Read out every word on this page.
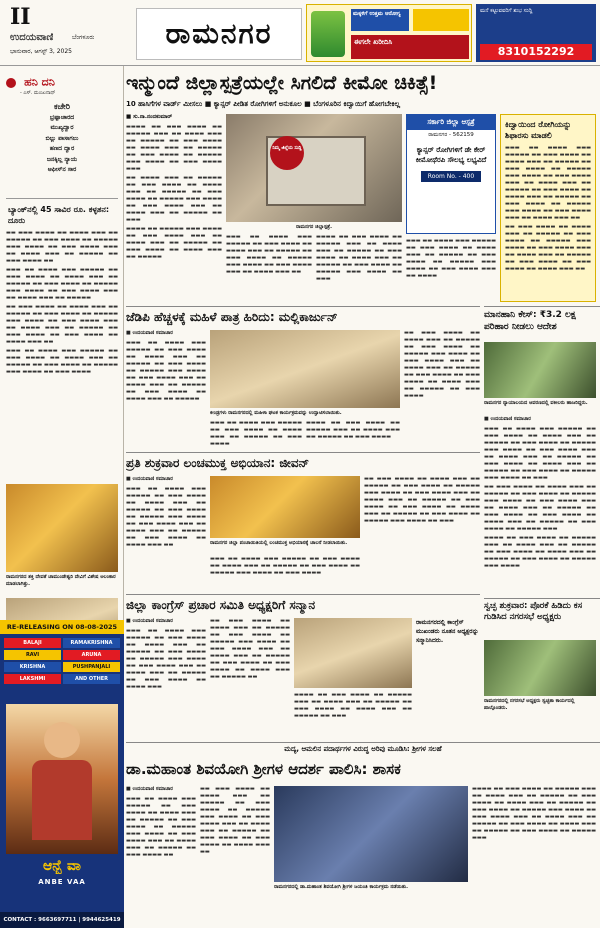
II
ಉದಯವಾಣಿ	ಬೆಂಗಳೂರು
ಭಾನುವಾರ, ಆಗಸ್ಟ್ 3, 2025
ರಾಮನಗರ
ಮಕ್ಕಳಿಗೆ ಉತ್ತಮ ಆರೋಗ್ಯ
ಈಗಲೇ ಖರೀದಿಸಿ
ಮನೆ ಕಟ್ಟುವವರಿಗೆ ಶುಭ ಸುದ್ದಿ
8310152292
ಹನಿ ದನಿ
- ಎಸ್. ಮಂಜುನಾಥ್
ಕಚೇರಿ
ಭ್ರಷ್ಟಾಚಾರದ
ಮುಖ್ಯದ್ವಾರ
ಬಿಲ್ಲು ಪಾಸಾಗಲು
ಹಣದ ದ್ವಾರ
ಜನಕ್ಕಿಲ್ಲ ನ್ಯಾಯ
ಆಫೀಸ್‌ನ ಸಾರ
ಬ್ಯಾಂಕ್‌ನಲ್ಲಿ 45 ಸಾವಿರ ರೂ. ಕಳ್ಳತನ: ದೂರು

▬▬ ▬▬▬ ▬▬▬▬ ▬▬ ▬▬▬▬ ▬▬▬ ▬▬ ▬▬▬▬▬ ▬▬ ▬▬▬ ▬▬▬▬ ▬▬ ▬▬▬▬▬ ▬▬▬ ▬▬▬▬ ▬▬ ▬▬▬ ▬▬▬▬ ▬▬▬ ▬▬ ▬▬▬▬ ▬▬▬ ▬▬ ▬▬▬▬▬ ▬▬ ▬▬▬ ▬▬▬▬ ▬▬

▬▬▬ ▬▬ ▬▬▬▬ ▬▬▬ ▬▬▬▬▬ ▬▬ ▬▬▬ ▬▬▬▬ ▬▬ ▬▬▬▬ ▬▬▬ ▬▬ ▬▬▬▬▬ ▬▬ ▬▬▬ ▬▬▬▬ ▬▬ ▬▬▬▬▬ ▬▬▬ ▬▬▬▬ ▬▬ ▬▬▬ ▬▬▬▬ ▬▬▬ ▬▬ ▬▬▬▬ ▬▬▬ ▬▬ ▬▬▬▬▬

▬▬ ▬▬▬ ▬▬▬▬ ▬▬ ▬▬▬▬ ▬▬▬ ▬▬ ▬▬▬▬▬ ▬▬ ▬▬▬ ▬▬▬▬ ▬▬ ▬▬▬▬▬ ▬▬▬ ▬▬▬▬ ▬▬ ▬▬▬ ▬▬▬▬ ▬▬▬ ▬▬ ▬▬▬▬ ▬▬▬ ▬▬ ▬▬▬▬▬ ▬▬ ▬▬▬ ▬▬▬▬ ▬▬ ▬▬▬ ▬▬▬▬ ▬▬ ▬▬▬▬ ▬▬▬ ▬▬

▬▬▬ ▬▬ ▬▬▬▬ ▬▬▬ ▬▬▬▬▬ ▬▬ ▬▬▬ ▬▬▬▬ ▬▬ ▬▬▬▬ ▬▬▬ ▬▬ ▬▬▬▬▬ ▬▬ ▬▬▬ ▬▬▬▬ ▬▬ ▬▬▬▬▬ ▬▬▬ ▬▬▬▬ ▬▬ ▬▬▬ ▬▬▬▬

ರಾಮನಗರದ ಶಕ್ತಿ ದೇವತೆ ಚಾಮುಂಡೇಶ್ವರಿ ದೇವಿಗೆ ವಿಶೇಷ ಅಲಂಕಾರ ಮಾಡಲಾಗಿತ್ತು.
ಇನ್ಮುಂದೆ ಜಿಲ್ಲಾಸ್ಪತ್ರೆಯಲ್ಲೇ ಸಿಗಲಿದೆ ಕೀಮೋ ಚಿಕಿತ್ಸೆ!
10 ಹಾಸಿಗೆಗಳ ವಾರ್ಡ್ ಮೀಸಲು ■ ಕ್ಯಾನ್ಸರ್ ಪೀಡಿತ ರೋಗಿಗಳಿಗೆ ಅನುಕೂಲ ■ ಬೆಂಗಳೂರಿನ ಕಿದ್ವಾಯಿಗೆ ಹೋಗಬೇಕಿಲ್ಲ
■ ಸು.ನಾ.ನಂದಕುಮಾರ್

▬▬▬▬ ▬▬ ▬▬▬ ▬▬▬▬ ▬▬ ▬▬▬▬▬ ▬▬▬ ▬▬ ▬▬▬▬ ▬▬▬ ▬▬ ▬▬▬▬▬ ▬▬ ▬▬▬ ▬▬▬▬ ▬▬ ▬▬▬▬ ▬▬▬ ▬▬ ▬▬▬▬▬ ▬▬ ▬▬▬ ▬▬▬▬ ▬▬ ▬▬▬▬▬ ▬▬▬ ▬▬▬▬ ▬▬ ▬▬▬ ▬▬▬▬ ▬▬▬

▬▬ ▬▬▬▬ ▬▬▬ ▬▬ ▬▬▬▬▬ ▬▬ ▬▬▬ ▬▬▬▬ ▬▬ ▬▬▬▬ ▬▬▬ ▬▬ ▬▬▬▬▬ ▬▬ ▬▬▬ ▬▬▬▬ ▬▬ ▬▬▬▬▬ ▬▬▬ ▬▬▬▬ ▬▬ ▬▬▬ ▬▬▬▬ ▬▬▬ ▬▬ ▬▬▬▬ ▬▬▬ ▬▬ ▬▬▬▬▬ ▬▬ ▬▬▬

▬▬▬▬ ▬▬ ▬▬▬▬▬ ▬▬▬ ▬▬▬▬ ▬▬ ▬▬▬ ▬▬▬▬ ▬▬▬ ▬▬ ▬▬▬▬ ▬▬▬ ▬▬ ▬▬▬▬▬ ▬▬ ▬▬▬ ▬▬▬▬ ▬▬ ▬▬▬▬ ▬▬▬ ▬▬ ▬▬▬▬▬

ನಿಮ್ಮ ಜಿಲ್ಲೆಯ ಸುದ್ದಿ
ರಾಮನಗರ ಜಿಲ್ಲಾಸ್ಪತ್ರೆ.

▬▬▬ ▬▬ ▬▬▬▬ ▬▬▬ ▬▬▬▬▬ ▬▬ ▬▬▬ ▬▬▬▬ ▬▬ ▬▬▬▬ ▬▬▬ ▬▬ ▬▬▬▬▬ ▬▬ ▬▬▬ ▬▬▬▬ ▬▬ ▬▬▬▬▬ ▬▬▬ ▬▬▬▬ ▬▬ ▬▬▬ ▬▬▬▬ ▬▬▬ ▬▬ ▬▬▬▬ ▬▬▬ ▬▬

▬▬▬▬ ▬▬ ▬▬▬ ▬▬▬▬ ▬▬ ▬▬▬▬▬ ▬▬▬ ▬▬ ▬▬▬▬ ▬▬▬ ▬▬ ▬▬▬▬▬ ▬▬ ▬▬▬ ▬▬▬▬ ▬▬ ▬▬▬▬ ▬▬▬ ▬▬ ▬▬▬▬▬ ▬▬ ▬▬▬ ▬▬▬▬ ▬▬ ▬▬▬▬▬ ▬▬▬ ▬▬▬▬ ▬▬ ▬▬▬

ಸರ್ಕಾರಿ ಜಿಲ್ಲಾ ಆಸ್ಪತ್ರೆ
ರಾಮನಗರ - 562159
ಕ್ಯಾನ್ಸರ್ ರೋಗಿಗಳಿಗೆ ಡೇ ಕೇರ್ ಕೀಮೋಥೆರಪಿ ಸೌಲಭ್ಯ ಲಭ್ಯವಿದೆ
Room No. - 400

▬▬▬ ▬▬ ▬▬▬▬ ▬▬▬ ▬▬▬▬▬ ▬▬ ▬▬▬ ▬▬▬▬ ▬▬ ▬▬▬▬ ▬▬▬ ▬▬ ▬▬▬▬▬ ▬▬ ▬▬▬ ▬▬▬▬ ▬▬ ▬▬▬▬▬ ▬▬▬ ▬▬▬▬ ▬▬ ▬▬▬ ▬▬▬▬ ▬▬▬ ▬▬ ▬▬▬▬

ಕಿದ್ವಾಯಿಂದ ರೋಗಿಯನ್ನು ಶಿಫಾರಸು ಮಾಡಲಿ

▬▬▬ ▬▬ ▬▬▬▬ ▬▬▬ ▬▬▬▬▬ ▬▬ ▬▬▬ ▬▬▬▬ ▬▬ ▬▬▬▬ ▬▬▬ ▬▬ ▬▬▬▬▬ ▬▬ ▬▬▬ ▬▬▬▬ ▬▬ ▬▬▬▬▬ ▬▬▬ ▬▬▬▬ ▬▬ ▬▬▬ ▬▬▬▬ ▬▬▬ ▬▬ ▬▬▬▬ ▬▬▬ ▬▬ ▬▬▬▬▬ ▬▬ ▬▬▬ ▬▬▬▬ ▬▬ ▬▬▬▬ ▬▬▬ ▬▬ ▬▬▬▬▬ ▬▬ ▬▬▬ ▬▬▬▬ ▬▬ ▬▬▬▬▬ ▬▬▬ ▬▬▬▬ ▬▬ ▬▬▬ ▬▬▬▬ ▬▬▬ ▬▬ ▬▬▬▬ ▬▬▬ ▬▬

▬▬ ▬▬▬ ▬▬▬▬ ▬▬ ▬▬▬▬ ▬▬▬ ▬▬ ▬▬▬▬▬ ▬▬ ▬▬▬ ▬▬▬▬ ▬▬ ▬▬▬▬▬ ▬▬▬ ▬▬▬▬ ▬▬ ▬▬▬ ▬▬▬▬ ▬▬▬ ▬▬ ▬▬▬▬ ▬▬▬ ▬▬ ▬▬▬▬▬ ▬▬ ▬▬▬ ▬▬▬▬ ▬▬ ▬▬▬ ▬▬▬▬ ▬▬ ▬▬▬▬ ▬▬▬ ▬▬

ಜೆಡಿಪಿ ಹೆಚ್ಚಳಕ್ಕೆ ಮಹಿಳೆ ಪಾತ್ರ ಹಿರಿದು: ಮಲ್ಲಿಕಾರ್ಜುನ್
■ ಉದಯವಾಣಿ ಸಮಾಚಾರ

▬▬▬ ▬▬ ▬▬▬▬ ▬▬▬ ▬▬▬▬▬ ▬▬ ▬▬▬ ▬▬▬▬ ▬▬ ▬▬▬▬ ▬▬▬ ▬▬ ▬▬▬▬▬ ▬▬ ▬▬▬ ▬▬▬▬ ▬▬ ▬▬▬▬▬ ▬▬▬ ▬▬▬▬ ▬▬ ▬▬▬ ▬▬▬▬ ▬▬▬ ▬▬ ▬▬▬▬ ▬▬▬ ▬▬ ▬▬▬▬▬ ▬▬ ▬▬▬ ▬▬▬▬ ▬▬ ▬▬▬▬ ▬▬▬ ▬▬ ▬▬▬▬▬

ಕೀಂಡ್ರಗಳು ರಾಮನಗರದಲ್ಲಿ ಮಹಿಳಾ ಘಟಕ ಕಾರ್ಯಕ್ರಮವನ್ನು ಉದ್ಘಾಟಿಸಲಾಯಿತು.

▬▬▬ ▬▬ ▬▬▬▬ ▬▬▬ ▬▬▬▬▬ ▬▬ ▬▬▬ ▬▬▬▬ ▬▬ ▬▬▬▬ ▬▬▬ ▬▬ ▬▬▬▬▬ ▬▬ ▬▬▬ ▬▬▬▬

▬▬▬▬ ▬▬ ▬▬▬ ▬▬▬▬ ▬▬ ▬▬▬▬▬ ▬▬▬ ▬▬ ▬▬▬▬ ▬▬▬ ▬▬ ▬▬▬▬▬ ▬▬ ▬▬▬ ▬▬▬▬

▬▬ ▬▬▬ ▬▬▬▬ ▬▬ ▬▬▬▬ ▬▬▬ ▬▬ ▬▬▬▬▬ ▬▬ ▬▬▬ ▬▬▬▬ ▬▬ ▬▬▬▬▬ ▬▬▬ ▬▬▬▬ ▬▬ ▬▬▬ ▬▬▬▬ ▬▬▬ ▬▬ ▬▬▬▬ ▬▬▬ ▬▬ ▬▬▬▬▬ ▬▬ ▬▬▬ ▬▬▬▬ ▬▬ ▬▬▬ ▬▬▬▬ ▬▬ ▬▬▬▬ ▬▬▬ ▬▬ ▬▬▬▬▬ ▬▬ ▬▬▬ ▬▬▬▬

ಮಾನಹಾನಿ ಕೇಸ್: ₹3.2 ಲಕ್ಷ ಪರಿಹಾರ ನೀಡಲು ಆದೇಶ
ರಾಮನಗರ ನ್ಯಾಯಾಲಯದ ಆವರಣದಲ್ಲಿ ವಕೀಲರು ಹಾಜರಿದ್ದರು.
■ ಉದಯವಾಣಿ ಸಮಾಚಾರ

▬▬▬ ▬▬ ▬▬▬▬ ▬▬▬ ▬▬▬▬▬ ▬▬ ▬▬▬ ▬▬▬▬ ▬▬ ▬▬▬▬ ▬▬▬ ▬▬ ▬▬▬▬▬ ▬▬ ▬▬▬ ▬▬▬▬ ▬▬ ▬▬▬▬▬ ▬▬▬ ▬▬▬▬ ▬▬ ▬▬▬ ▬▬▬▬ ▬▬▬ ▬▬ ▬▬▬▬ ▬▬▬ ▬▬ ▬▬▬▬▬ ▬▬ ▬▬▬ ▬▬▬▬ ▬▬ ▬▬▬▬ ▬▬▬ ▬▬ ▬▬▬▬▬ ▬▬ ▬▬▬ ▬▬▬▬ ▬▬ ▬▬▬▬▬ ▬▬▬ ▬▬▬▬ ▬▬ ▬▬▬

▬▬ ▬▬▬ ▬▬▬▬ ▬▬ ▬▬▬▬ ▬▬▬ ▬▬ ▬▬▬▬▬ ▬▬ ▬▬▬ ▬▬▬▬ ▬▬ ▬▬▬▬▬ ▬▬▬ ▬▬▬▬ ▬▬ ▬▬▬ ▬▬▬▬ ▬▬▬ ▬▬ ▬▬▬▬ ▬▬▬ ▬▬ ▬▬▬▬▬ ▬▬ ▬▬▬ ▬▬▬▬ ▬▬ ▬▬▬ ▬▬▬▬ ▬▬ ▬▬▬▬ ▬▬▬ ▬▬ ▬▬▬▬▬ ▬▬ ▬▬▬ ▬▬▬▬ ▬▬ ▬▬▬▬▬ ▬▬▬

▬▬▬▬ ▬▬ ▬▬▬ ▬▬▬▬ ▬▬ ▬▬▬▬▬ ▬▬▬ ▬▬ ▬▬▬▬ ▬▬▬ ▬▬ ▬▬▬▬▬ ▬▬ ▬▬▬ ▬▬▬▬ ▬▬ ▬▬▬▬ ▬▬▬ ▬▬ ▬▬▬▬▬ ▬▬ ▬▬▬ ▬▬▬▬ ▬▬ ▬▬▬▬▬ ▬▬▬ ▬▬▬▬

ಪ್ರತಿ ಶುಕ್ರವಾರ ಲಂಚಮುಕ್ತ ಅಭಿಯಾನ: ಜೀವನ್
■ ಉದಯವಾಣಿ ಸಮಾಚಾರ

▬▬▬ ▬▬ ▬▬▬▬ ▬▬▬ ▬▬▬▬▬ ▬▬ ▬▬▬ ▬▬▬▬ ▬▬ ▬▬▬▬ ▬▬▬ ▬▬ ▬▬▬▬▬ ▬▬ ▬▬▬ ▬▬▬▬ ▬▬ ▬▬▬▬▬ ▬▬▬ ▬▬▬▬ ▬▬ ▬▬▬ ▬▬▬▬ ▬▬▬ ▬▬ ▬▬▬▬ ▬▬▬ ▬▬ ▬▬▬▬▬ ▬▬ ▬▬▬ ▬▬▬▬ ▬▬ ▬▬▬▬ ▬▬▬ ▬▬	ರಾಮನಗರ ಜಿಲ್ಲಾ ಪಂಚಾಯಿತಿಯಲ್ಲಿ ಲಂಚಮುಕ್ತ ಅಭಿಯಾನಕ್ಕೆ ಚಾಲನೆ ನೀಡಲಾಯಿತು.

▬▬▬ ▬▬ ▬▬▬▬ ▬▬▬ ▬▬▬▬▬ ▬▬ ▬▬▬ ▬▬▬▬ ▬▬ ▬▬▬▬ ▬▬▬ ▬▬ ▬▬▬▬▬ ▬▬ ▬▬▬ ▬▬▬▬ ▬▬ ▬▬▬▬▬ ▬▬▬ ▬▬▬▬ ▬▬ ▬▬▬ ▬▬▬▬

▬▬ ▬▬▬ ▬▬▬▬ ▬▬ ▬▬▬▬ ▬▬▬ ▬▬ ▬▬▬▬▬ ▬▬ ▬▬▬ ▬▬▬▬ ▬▬ ▬▬▬▬▬ ▬▬▬ ▬▬▬▬ ▬▬ ▬▬▬ ▬▬▬▬ ▬▬▬ ▬▬ ▬▬▬▬ ▬▬▬ ▬▬ ▬▬▬▬▬ ▬▬ ▬▬▬ ▬▬▬▬ ▬▬ ▬▬▬ ▬▬▬▬ ▬▬ ▬▬▬▬ ▬▬▬ ▬▬ ▬▬▬▬▬ ▬▬ ▬▬▬ ▬▬▬▬ ▬▬ ▬▬▬▬▬ ▬▬▬ ▬▬▬▬ ▬▬ ▬▬▬

ಸ್ವಚ್ಛ ಶುಕ್ರವಾರ: ಪೊರಕೆ ಹಿಡಿದು ಕಸ ಗುಡಿಸಿದ ನಗರಸಭೆ ಅಧ್ಯಕ್ಷರು
ರಾಮನಗರದಲ್ಲಿ ನಗರಸಭೆ ಅಧ್ಯಕ್ಷರು ಸ್ವಚ್ಛತಾ ಕಾರ್ಯದಲ್ಲಿ ಪಾಲ್ಗೊಂಡರು.
RE-RELEASING ON 08-08-2025
BALAJI	RAMAKRISHNA
RAVI	ARUNA
KRISHNA	PUSHPANJALI
LAKSHMI	AND OTHER
ಆನ್ಬೆ ವಾ
ANBE VAA
CONTACT : 9663697711 | 9944625419
ಜಿಲ್ಲಾ ಕಾಂಗ್ರೆಸ್ ಪ್ರಚಾರ ಸಮಿತಿ ಅಧ್ಯಕ್ಷರಿಗೆ ಸನ್ಮಾನ
■ ಉದಯವಾಣಿ ಸಮಾಚಾರ

▬▬▬ ▬▬ ▬▬▬▬ ▬▬▬ ▬▬▬▬▬ ▬▬ ▬▬▬ ▬▬▬▬ ▬▬ ▬▬▬▬ ▬▬▬ ▬▬ ▬▬▬▬▬ ▬▬ ▬▬▬ ▬▬▬▬ ▬▬ ▬▬▬▬▬ ▬▬▬ ▬▬▬▬ ▬▬ ▬▬▬ ▬▬▬▬ ▬▬▬ ▬▬ ▬▬▬▬ ▬▬▬ ▬▬ ▬▬▬▬▬ ▬▬ ▬▬▬ ▬▬▬▬ ▬▬ ▬▬▬▬ ▬▬▬

▬▬ ▬▬▬ ▬▬▬▬ ▬▬ ▬▬▬▬ ▬▬▬ ▬▬ ▬▬▬▬▬ ▬▬ ▬▬▬ ▬▬▬▬ ▬▬ ▬▬▬▬▬ ▬▬▬ ▬▬▬▬ ▬▬ ▬▬▬ ▬▬▬▬ ▬▬▬ ▬▬ ▬▬▬▬ ▬▬▬ ▬▬ ▬▬▬▬▬ ▬▬ ▬▬▬ ▬▬▬▬ ▬▬ ▬▬▬ ▬▬▬▬ ▬▬ ▬▬▬▬ ▬▬▬ ▬▬ ▬▬▬▬▬ ▬▬

▬▬▬▬ ▬▬ ▬▬▬ ▬▬▬▬ ▬▬ ▬▬▬▬▬ ▬▬▬ ▬▬ ▬▬▬▬ ▬▬▬ ▬▬ ▬▬▬▬▬ ▬▬ ▬▬▬ ▬▬▬▬ ▬▬ ▬▬▬▬ ▬▬▬ ▬▬ ▬▬▬▬▬ ▬▬ ▬▬▬

ರಾಮನಗರದಲ್ಲಿ ಕಾಂಗ್ರೆಸ್ ಮುಖಂಡರು ನೂತನ ಅಧ್ಯಕ್ಷರನ್ನು ಸನ್ಮಾನಿಸಿದರು.
ಮದ್ಯ, ಆಮಲಿನ ಪದಾರ್ಥಗಳ ವಿರುದ್ಧ ಅರಿವು ಮೂಡಿಸಿ: ಶ್ರೀಗಳ ಸಲಹೆ
ಡಾ.ಮಹಾಂತ ಶಿವಯೋಗಿ ಶ್ರೀಗಳ ಆದರ್ಶ ಪಾಲಿಸಿ: ಶಾಸಕ
■ ಉದಯವಾಣಿ ಸಮಾಚಾರ

▬▬▬ ▬▬ ▬▬▬▬ ▬▬▬ ▬▬▬▬▬ ▬▬ ▬▬▬ ▬▬▬▬ ▬▬ ▬▬▬▬ ▬▬▬ ▬▬ ▬▬▬▬▬ ▬▬ ▬▬▬ ▬▬▬▬ ▬▬ ▬▬▬▬▬ ▬▬▬ ▬▬▬▬ ▬▬ ▬▬▬ ▬▬▬▬ ▬▬▬ ▬▬ ▬▬▬▬ ▬▬▬ ▬▬ ▬▬▬▬▬ ▬▬ ▬▬▬ ▬▬▬▬ ▬▬

▬▬ ▬▬▬ ▬▬▬▬ ▬▬ ▬▬▬▬ ▬▬▬ ▬▬ ▬▬▬▬▬ ▬▬ ▬▬▬ ▬▬▬▬ ▬▬ ▬▬▬▬▬ ▬▬▬ ▬▬▬▬ ▬▬ ▬▬▬ ▬▬▬▬ ▬▬▬ ▬▬ ▬▬▬▬ ▬▬▬ ▬▬ ▬▬▬▬▬ ▬▬ ▬▬▬ ▬▬▬▬ ▬▬ ▬▬▬ ▬▬▬▬ ▬▬ ▬▬▬▬ ▬▬▬ ▬▬

ರಾಮನಗರದಲ್ಲಿ ಡಾ.ಮಹಾಂತ ಶಿವಯೋಗಿ ಶ್ರೀಗಳ ಜಯಂತಿ ಕಾರ್ಯಕ್ರಮ ನಡೆಯಿತು.

▬▬▬▬ ▬▬ ▬▬▬ ▬▬▬▬ ▬▬ ▬▬▬▬▬ ▬▬▬ ▬▬ ▬▬▬▬ ▬▬▬ ▬▬ ▬▬▬▬▬ ▬▬ ▬▬▬ ▬▬▬▬ ▬▬ ▬▬▬▬ ▬▬▬ ▬▬ ▬▬▬▬▬ ▬▬ ▬▬▬ ▬▬▬▬ ▬▬ ▬▬▬▬▬ ▬▬▬ ▬▬▬▬ ▬▬ ▬▬▬ ▬▬▬▬ ▬▬▬ ▬▬ ▬▬▬▬ ▬▬▬ ▬▬ ▬▬▬▬▬ ▬▬ ▬▬▬ ▬▬▬▬ ▬▬ ▬▬▬▬ ▬▬▬ ▬▬ ▬▬▬▬▬ ▬▬ ▬▬▬ ▬▬▬▬ ▬▬ ▬▬▬▬▬ ▬▬▬
